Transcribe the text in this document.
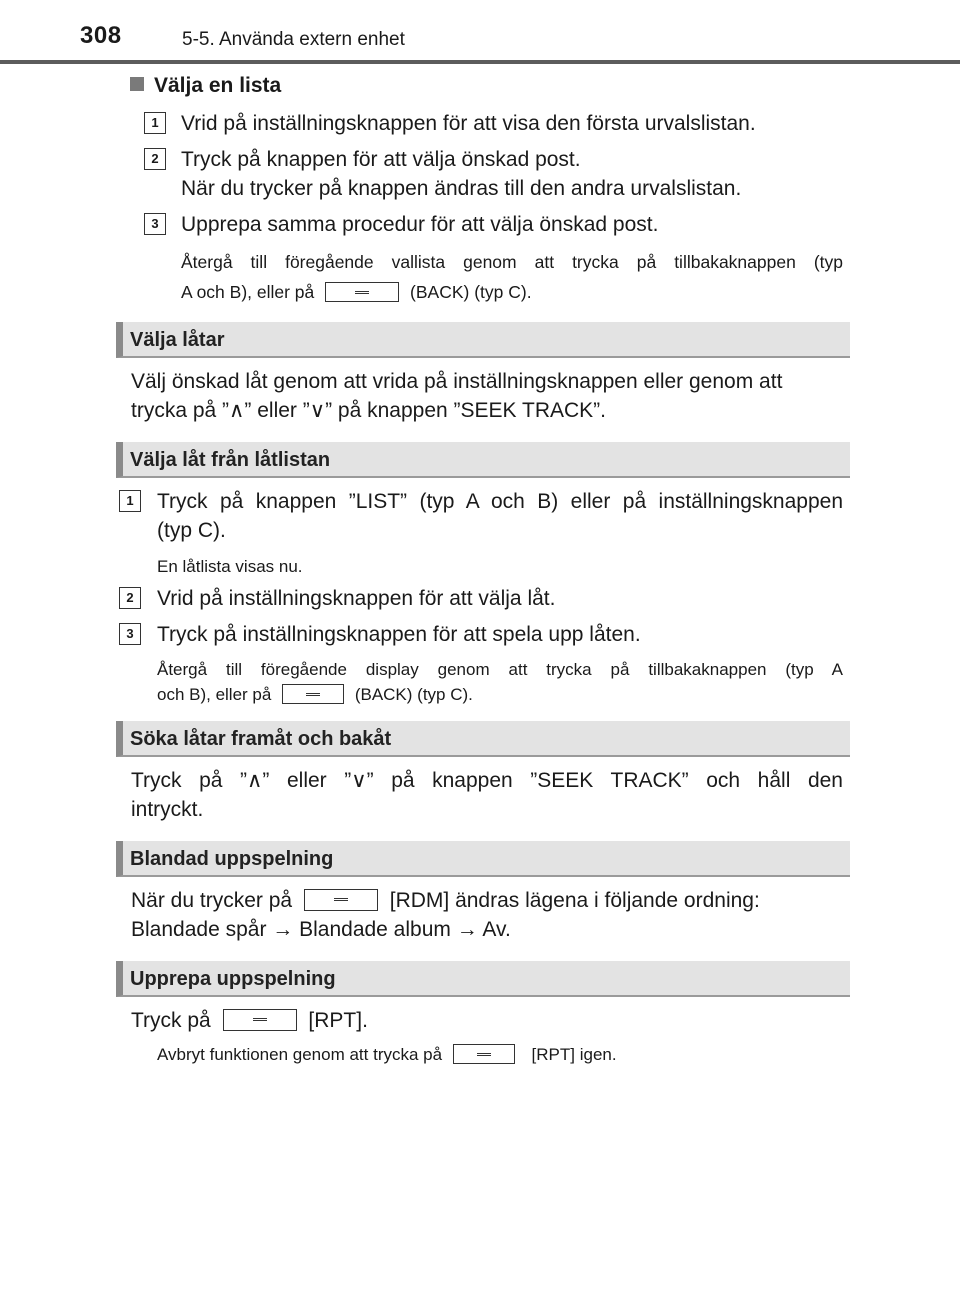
308	5-5. Använda extern enhet
Välja en lista
1	Vrid på inställningsknappen för att visa den första urvalslistan.
2	Tryck på knappen för att välja önskad post.
När du trycker på knappen ändras till den andra urvalslistan.
3	Upprepa samma procedur för att välja önskad post.
Återgå till föregående vallista genom att trycka på tillbakaknappen (typ
A och B), eller på	(BACK) (typ C).
Välja låtar
Välj önskad låt genom att vrida på inställningsknappen eller genom att
trycka på ”∧” eller ”∨” på knappen ”SEEK TRACK”.
Välja låt från låtlistan
1	Tryck på knappen ”LIST” (typ A och B) eller på inställningsknappen
(typ C).
En låtlista visas nu.
2	Vrid på inställningsknappen för att välja låt.
3	Tryck på inställningsknappen för att spela upp låten.
Återgå till föregående display genom att trycka på tillbakaknappen (typ A
och B), eller på	(BACK) (typ C).
Söka låtar framåt och bakåt
Tryck på ”∧” eller ”∨” på knappen ”SEEK TRACK” och håll den
intryckt.
Blandad uppspelning
När du trycker på	[RDM] ändras lägena i följande ordning:
Blandade spår → Blandade album → Av.
Upprepa uppspelning
Tryck på	[RPT].
Avbryt funktionen genom att trycka på	[RPT] igen.
